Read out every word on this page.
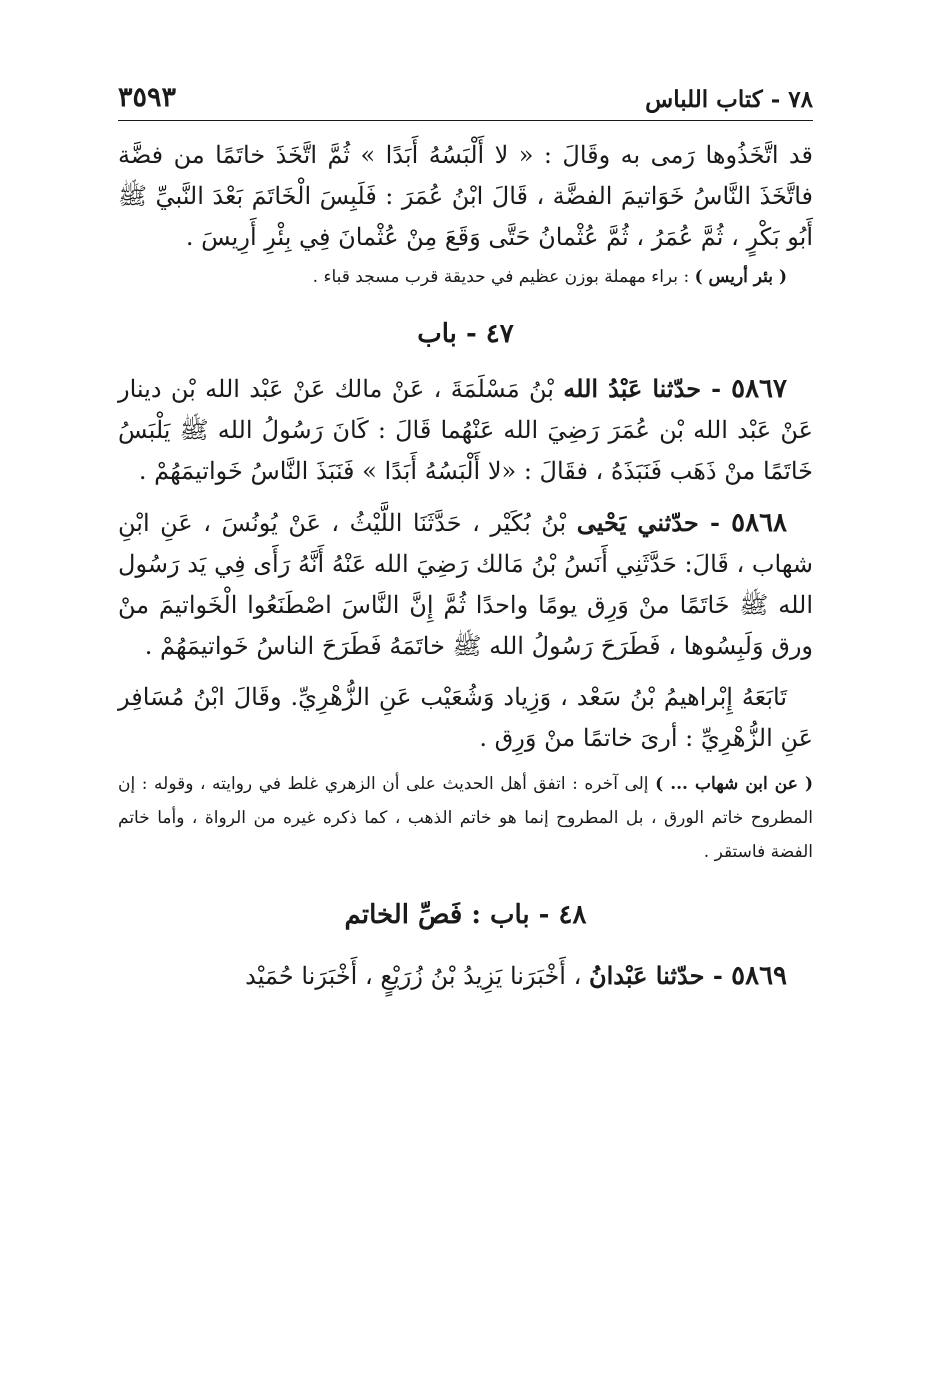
٧٨ - كتاب اللباس
٣٥٩٣

قد اتَّخَذُوها رَمى به وقَالَ : « لا أَلْبَسُهُ أَبَدًا » ثُمَّ اتَّخَذَ خاتَمًا من فضَّة فاتَّخَذَ النَّاسُ خَوَاتيمَ الفضَّة ، قَالَ ابْنُ عُمَرَ : فَلَبِسَ الْخَاتَمَ بَعْدَ النَّبيِّ ﷺ أَبُو بَكْرٍ ، ثُمَّ عُمَرُ ، ثُمَّ عُثْمانُ حَتَّى وَقَعَ مِنْ عُثْمانَ فِي بِئْرِ أَرِيسَ .

( بئر أريس ) : براء مهملة بوزن عظيم في حديقة قرب مسجد قباء .

٤٧ - باب

٥٨٦٧ - حدّثنا عَبْدُ الله بْنُ مَسْلَمَةَ ، عَنْ مالك عَنْ عَبْد الله بْن دينار عَنْ عَبْد الله بْن عُمَرَ رَضِيَ الله عَنْهُما قَالَ : كَانَ رَسُولُ الله ﷺ يَلْبَسُ خَاتَمًا منْ ذَهَب فَنَبَذَهُ ، فقَالَ : «لا أَلْبَسُهُ أَبَدًا » فَنَبَذَ النَّاسُ خَواتيمَهُمْ .

٥٨٦٨ - حدّثني يَحْيى بْنُ بُكَيْر ، حَدَّثَنَا اللَّيْثُ ، عَنْ يُونُسَ ، عَنِ ابْنِ شهاب ، قَالَ: حَدَّثَنِي أَنَسُ بْنُ مَالك رَضِيَ الله عَنْهُ أَنَّهُ رَأَى فِي يَد رَسُول الله ﷺ خَاتَمًا منْ وَرِق يومًا واحدًا ثُمَّ إِنَّ النَّاسَ اصْطَنَعُوا الْخَواتيمَ منْ ورق وَلَبِسُوها ، فَطَرَحَ رَسُولُ الله ﷺ خاتَمَهُ فَطَرَحَ الناسُ خَواتيمَهُمْ .

تَابَعَهُ إِبْراهيمُ بْنُ سَعْد ، وَزِياد وَشُعَيْب عَنِ الزُّهْرِيِّ. وقَالَ ابْنُ مُسَافِر عَنِ الزُّهْرِيِّ : أرىَ خاتمًا منْ وَرِق .

( عن ابن شهاب ... ) إلى آخره : اتفق أهل الحديث على أن الزهري غلط في روايته ، وقوله : إن المطروح خاتم الورق ، بل المطروح إنما هو خاتم الذهب ، كما ذكره غيره من الرواة ، وأما خاتم الفضة فاستقر .

٤٨ - باب : فَصِّ الخاتم

٥٨٦٩ - حدّثنا عَبْدانُ ، أَخْبَرَنا يَزِيدُ بْنُ زُرَيْعٍ ، أَخْبَرَنا حُمَيْد
